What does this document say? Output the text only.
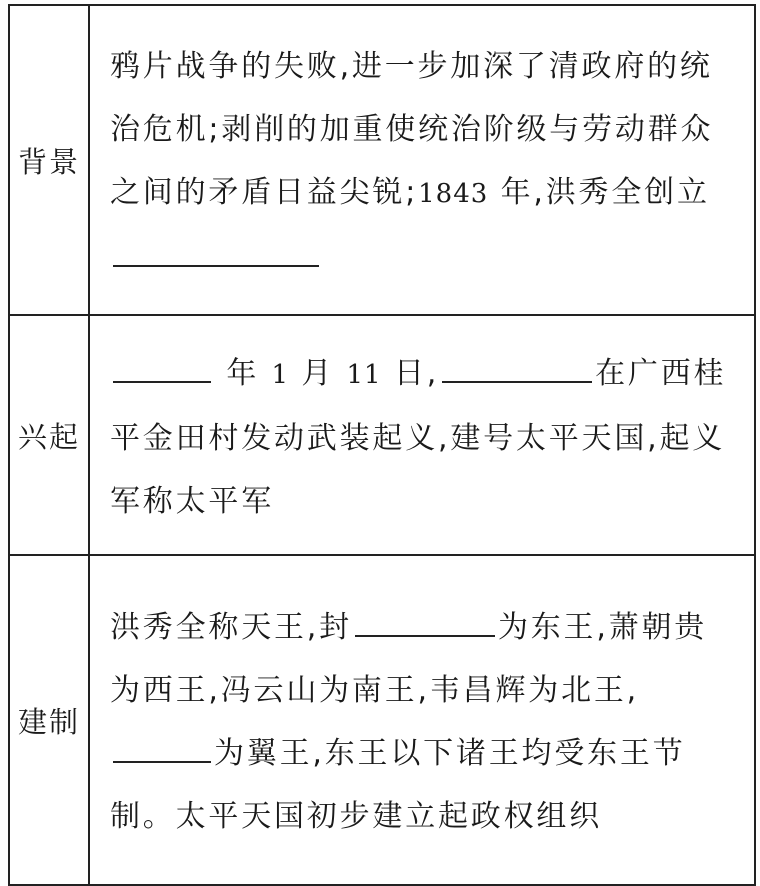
背景	鸦片战争的失败,进一步加深了清政府的统治危机;剥削的加重使统治阶级与劳动群众之间的矛盾日益尖锐;1843 年,洪秀全创立
兴起	年 1 月 11 日, 在广西桂平金田村发动武装起义,建号太平天国,起义军称太平军
建制	洪秀全称天王,封 为东王,萧朝贵为西王,冯云山为南王,韦昌辉为北王,为翼王,东王以下诸王均受东王节制。太平天国初步建立起政权组织
